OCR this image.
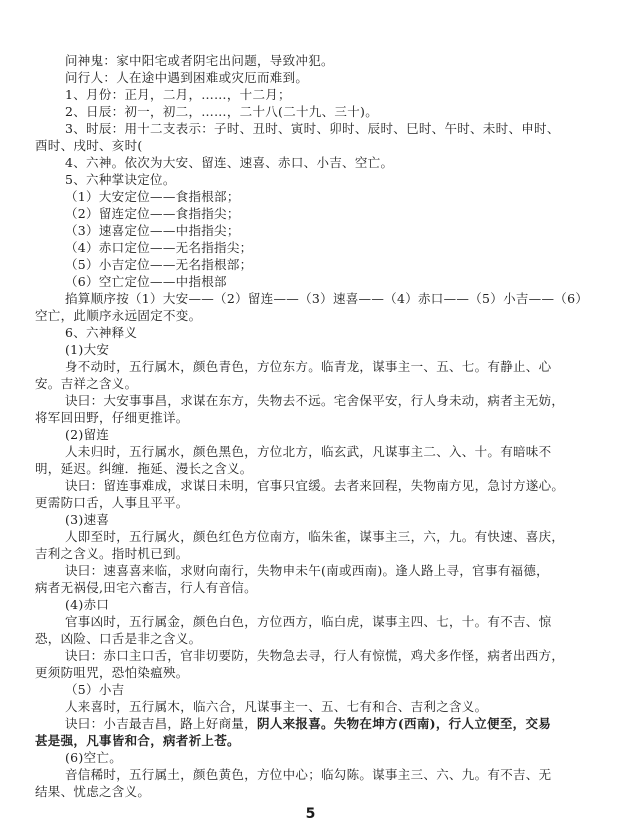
问神鬼：家中阳宅或者阴宅出问题，导致冲犯。
问行人：人在途中遇到困难或灾厄而难到。
1、月份：正月，二月，……，十二月；
2、日辰：初一，初二，……，二十八(二十九、三十)。
3、时辰：用十二支表示：子时、丑时、寅时、卯时、辰时、巳时、午时、未时、申时、
酉时、戌时、亥时(
4、六神。依次为大安、留连、速喜、赤口、小吉、空亡。
5、六种掌诀定位。
（1）大安定位——食指根部；
（2）留连定位——食指指尖；
（3）速喜定位——中指指尖；
（4）赤口定位——无名指指尖；
（5）小吉定位——无名指根部；
（6）空亡定位——中指根部
掐算顺序按（1）大安——（2）留连——（3）速喜——（4）赤口——（5）小吉——（6）
空亡，此顺序永远固定不变。
6、六神释义
(1)大安
身不动时，五行属木，颜色青色，方位东方。临青龙，谋事主一、五、七。有静止、心
安。吉祥之含义。
诀曰：大安事事昌，求谋在东方，失物去不远。宅舍保平安，行人身未动，病者主无妨，
将军回田野，仔细更推详。
(2)留连
人未归时，五行属水，颜色黑色，方位北方，临玄武，凡谋事主二、入、十。有暗味不
明，延迟。纠缠．拖延、漫长之含义。
诀曰：留连事难成，求谋日未明，官事只宜缓。去者来回程，失物南方见，急讨方遂心。
更需防口舌，人事且平平。
(3)速喜
人即至时，五行属火，颜色红色方位南方，临朱雀，谋事主三，六，九。有快速、喜庆，
吉利之含义。指时机已到。
诀曰：速喜喜来临，求财向南行，失物申未午(南或西南)。逢人路上寻，官事有福德，
病者无祸侵,田宅六畜吉，行人有音信。
(4)赤口
官事凶时，五行属金，颜色白色，方位西方，临白虎，谋事主四、七，十。有不吉、惊
恐，凶险、口舌是非之含义。
诀曰：赤口主口舌，官非切要防，失物急去寻，行人有惊慌，鸡犬多作怪，病者出西方，
更须防咀咒，恐怕染瘟殃。
（5）小吉
人来喜时，五行属木，临六合，凡谋事主一、五、七有和合、吉利之含义。
诀曰：小吉最吉昌，路上好商量，阴人来报喜。失物在坤方(西南)，行人立便至，交易
甚是强，凡事皆和合，病者祈上苍。
(6)空亡。
音信稀时，五行属土，颜色黄色，方位中心；临勾陈。谋事主三、六、九。有不吉、无
结果、忧虑之含义。
5
